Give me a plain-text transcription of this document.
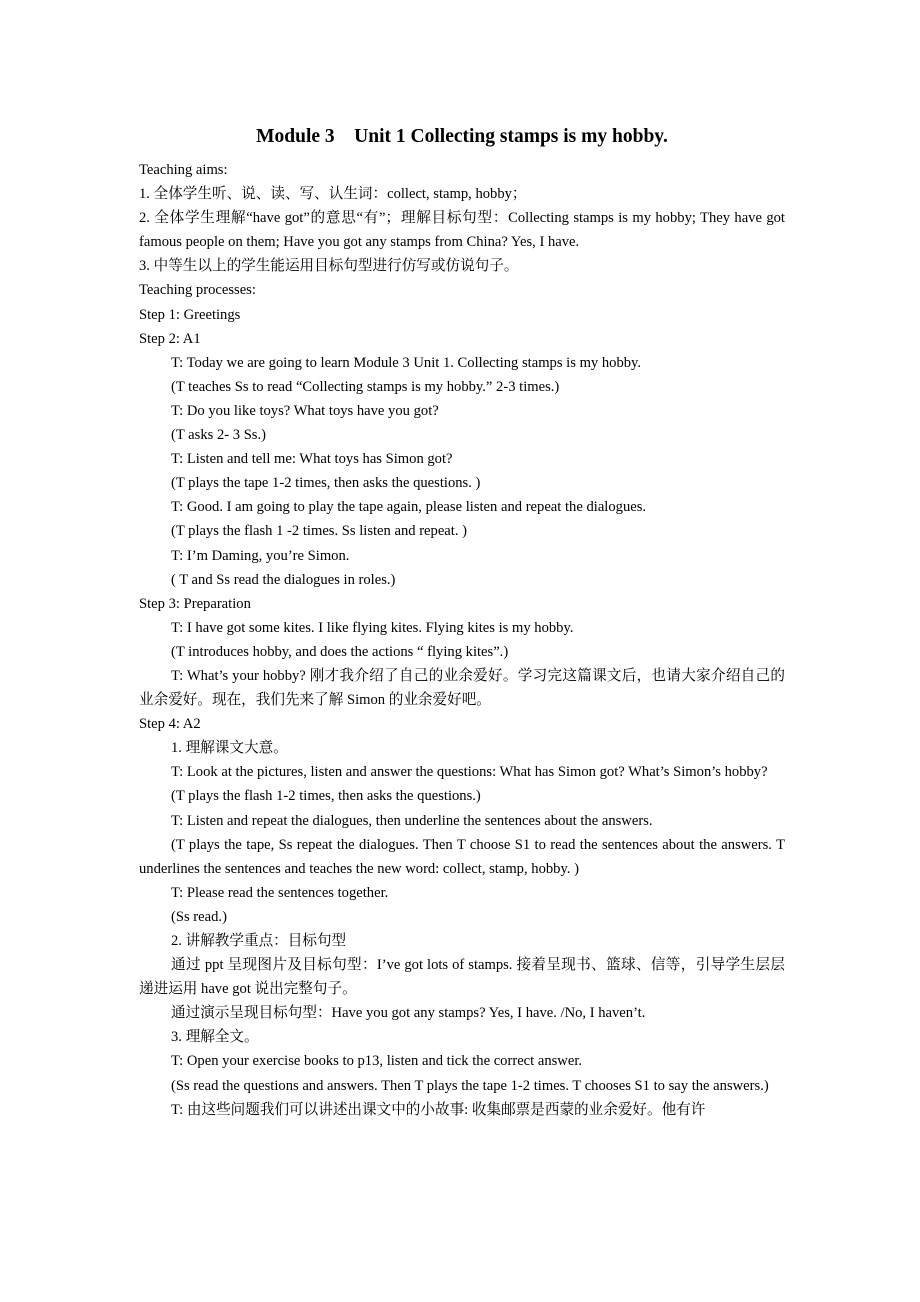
Module 3    Unit 1 Collecting stamps is my hobby.

Teaching aims:

1. 全体学生听、说、读、写、认生词：collect, stamp, hobby；

2. 全体学生理解“have got”的意思“有”；理解目标句型：Collecting stamps is my hobby; They have got famous people on them; Have you got any stamps from China? Yes, I have.

3. 中等生以上的学生能运用目标句型进行仿写或仿说句子。

Teaching processes:

Step 1: Greetings

Step 2: A1

T: Today we are going to learn Module 3 Unit 1. Collecting stamps is my hobby.

(T teaches Ss to read “Collecting stamps is my hobby.” 2-3 times.)

T: Do you like toys? What toys have you got?

(T asks 2- 3 Ss.)

T: Listen and tell me: What toys has Simon got?

(T plays the tape 1-2 times, then asks the questions. )

T: Good. I am going to play the tape again, please listen and repeat the dialogues.

(T plays the flash 1 -2 times. Ss listen and repeat. )

T: I’m Daming, you’re Simon.

( T and Ss read the dialogues in roles.)

Step 3: Preparation

T: I have got some kites. I like flying kites. Flying kites is my hobby.

(T introduces hobby, and does the actions “ flying kites”.)

T: What’s your hobby? 刚才我介绍了自己的业余爱好。学习完这篇课文后，也请大家介绍自己的业余爱好。现在，我们先来了解 Simon 的业余爱好吧。

Step 4: A2

1. 理解课文大意。

T: Look at the pictures, listen and answer the questions: What has Simon got? What’s Simon’s hobby?

(T plays the flash 1-2 times, then asks the questions.)

T: Listen and repeat the dialogues, then underline the sentences about the answers.

(T plays the tape, Ss repeat the dialogues. Then T choose S1 to read the sentences about the answers. T underlines the sentences and teaches the new word: collect, stamp, hobby. )

T: Please read the sentences together.

(Ss read.)

2. 讲解教学重点：目标句型

通过 ppt 呈现图片及目标句型：I’ve got lots of stamps. 接着呈现书、篮球、信等，引导学生层层递进运用 have got 说出完整句子。

通过演示呈现目标句型：Have you got any stamps? Yes, I have. /No, I haven’t.

3. 理解全文。

T: Open your exercise books to p13, listen and tick the correct answer.

(Ss read the questions and answers. Then T plays the tape 1-2 times. T chooses S1 to say the answers.)

T: 由这些问题我们可以讲述出课文中的小故事: 收集邮票是西蒙的业余爱好。他有许
